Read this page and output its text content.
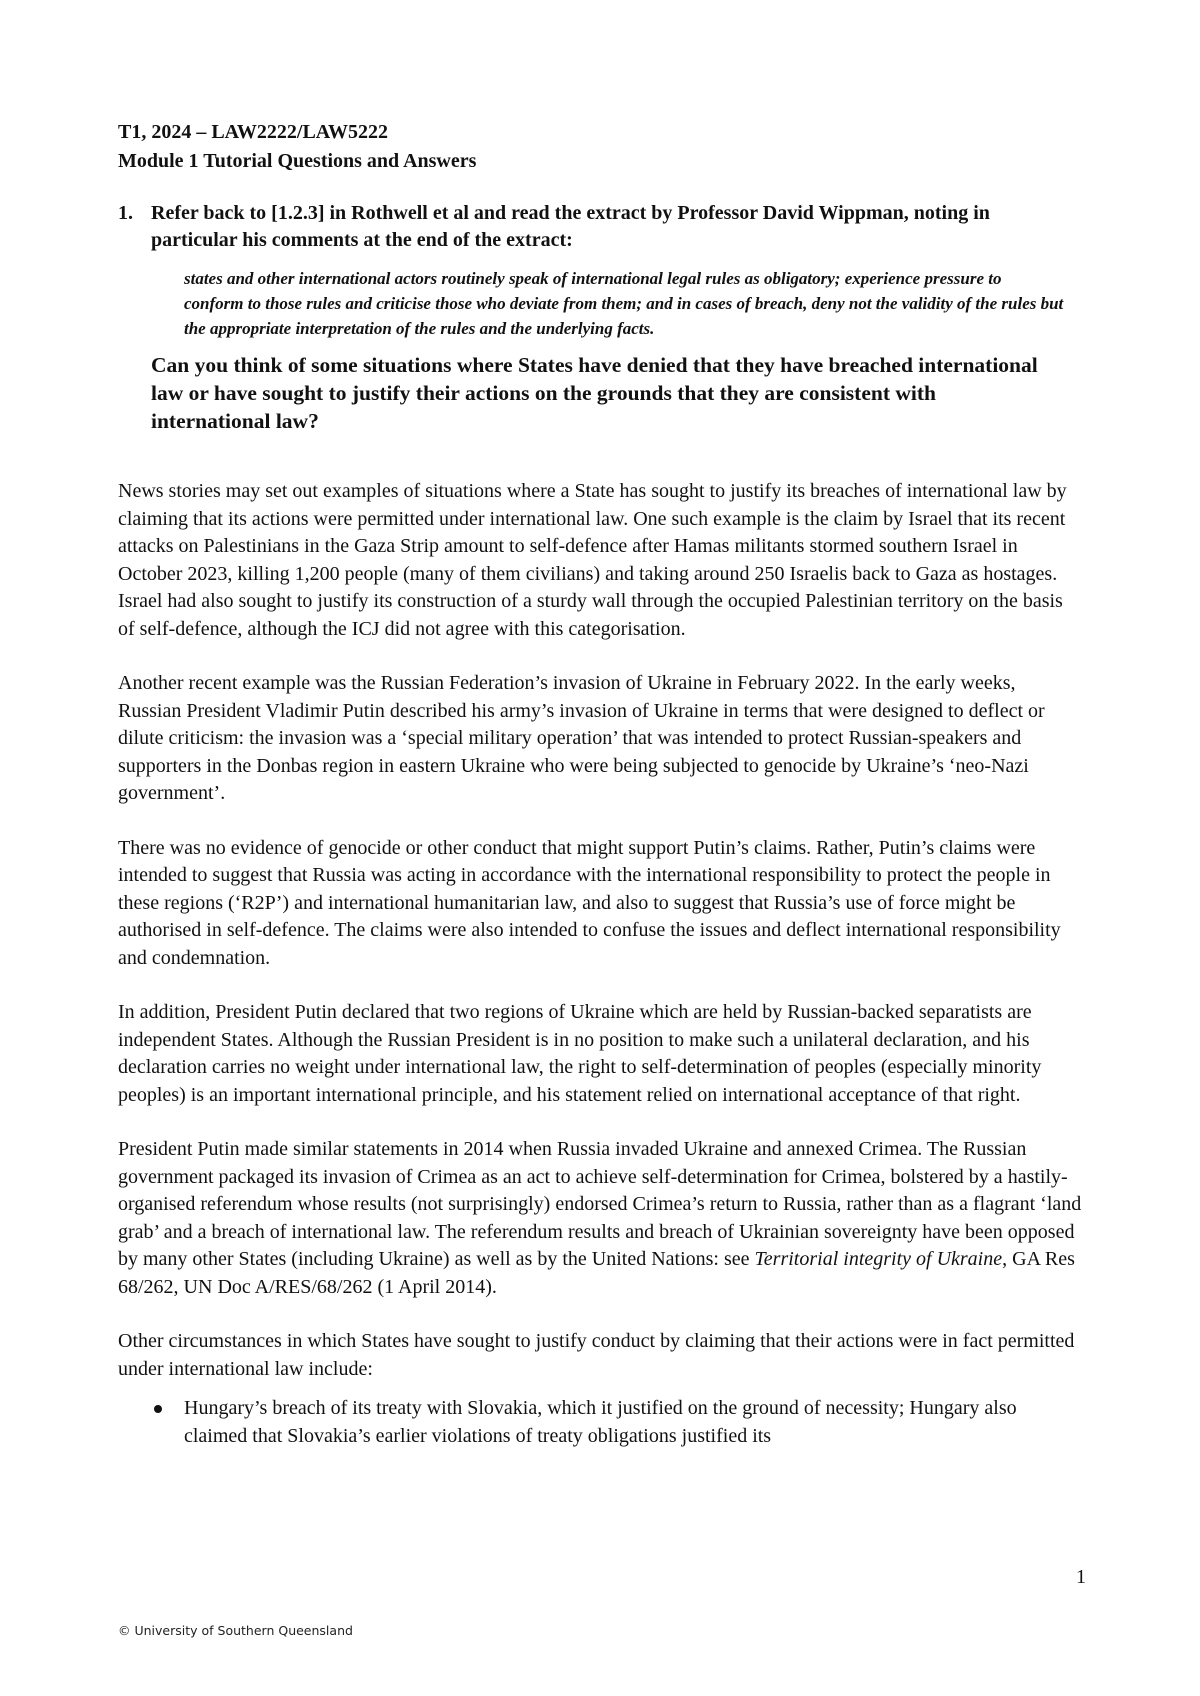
T1, 2024 – LAW2222/LAW5222

Module 1 Tutorial Questions and Answers

1. Refer back to [1.2.3] in Rothwell et al and read the extract by Professor David Wippman, noting in particular his comments at the end of the extract:

states and other international actors routinely speak of international legal rules as obligatory; experience pressure to conform to those rules and criticise those who deviate from them; and in cases of breach, deny not the validity of the rules but the appropriate interpretation of the rules and the underlying facts.

Can you think of some situations where States have denied that they have breached international law or have sought to justify their actions on the grounds that they are consistent with international law?

News stories may set out examples of situations where a State has sought to justify its breaches of international law by claiming that its actions were permitted under international law. One such example is the claim by Israel that its recent attacks on Palestinians in the Gaza Strip amount to self-defence after Hamas militants stormed southern Israel in October 2023, killing 1,200 people (many of them civilians) and taking around 250 Israelis back to Gaza as hostages. Israel had also sought to justify its construction of a sturdy wall through the occupied Palestinian territory on the basis of self-defence, although the ICJ did not agree with this categorisation.

Another recent example was the Russian Federation’s invasion of Ukraine in February 2022. In the early weeks, Russian President Vladimir Putin described his army’s invasion of Ukraine in terms that were designed to deflect or dilute criticism: the invasion was a ‘special military operation’ that was intended to protect Russian-speakers and supporters in the Donbas region in eastern Ukraine who were being subjected to genocide by Ukraine’s ‘neo-Nazi government’.

There was no evidence of genocide or other conduct that might support Putin’s claims. Rather, Putin’s claims were intended to suggest that Russia was acting in accordance with the international responsibility to protect the people in these regions (‘R2P’) and international humanitarian law, and also to suggest that Russia’s use of force might be authorised in self-defence. The claims were also intended to confuse the issues and deflect international responsibility and condemnation.

In addition, President Putin declared that two regions of Ukraine which are held by Russian-backed separatists are independent States. Although the Russian President is in no position to make such a unilateral declaration, and his declaration carries no weight under international law, the right to self-determination of peoples (especially minority peoples) is an important international principle, and his statement relied on international acceptance of that right.

President Putin made similar statements in 2014 when Russia invaded Ukraine and annexed Crimea. The Russian government packaged its invasion of Crimea as an act to achieve self-determination for Crimea, bolstered by a hastily-organised referendum whose results (not surprisingly) endorsed Crimea’s return to Russia, rather than as a flagrant ‘land grab’ and a breach of international law. The referendum results and breach of Ukrainian sovereignty have been opposed by many other States (including Ukraine) as well as by the United Nations: see Territorial integrity of Ukraine, GA Res 68/262, UN Doc A/RES/68/262 (1 April 2014).

Other circumstances in which States have sought to justify conduct by claiming that their actions were in fact permitted under international law include:

Hungary’s breach of its treaty with Slovakia, which it justified on the ground of necessity; Hungary also claimed that Slovakia’s earlier violations of treaty obligations justified its
1
© University of Southern Queensland
